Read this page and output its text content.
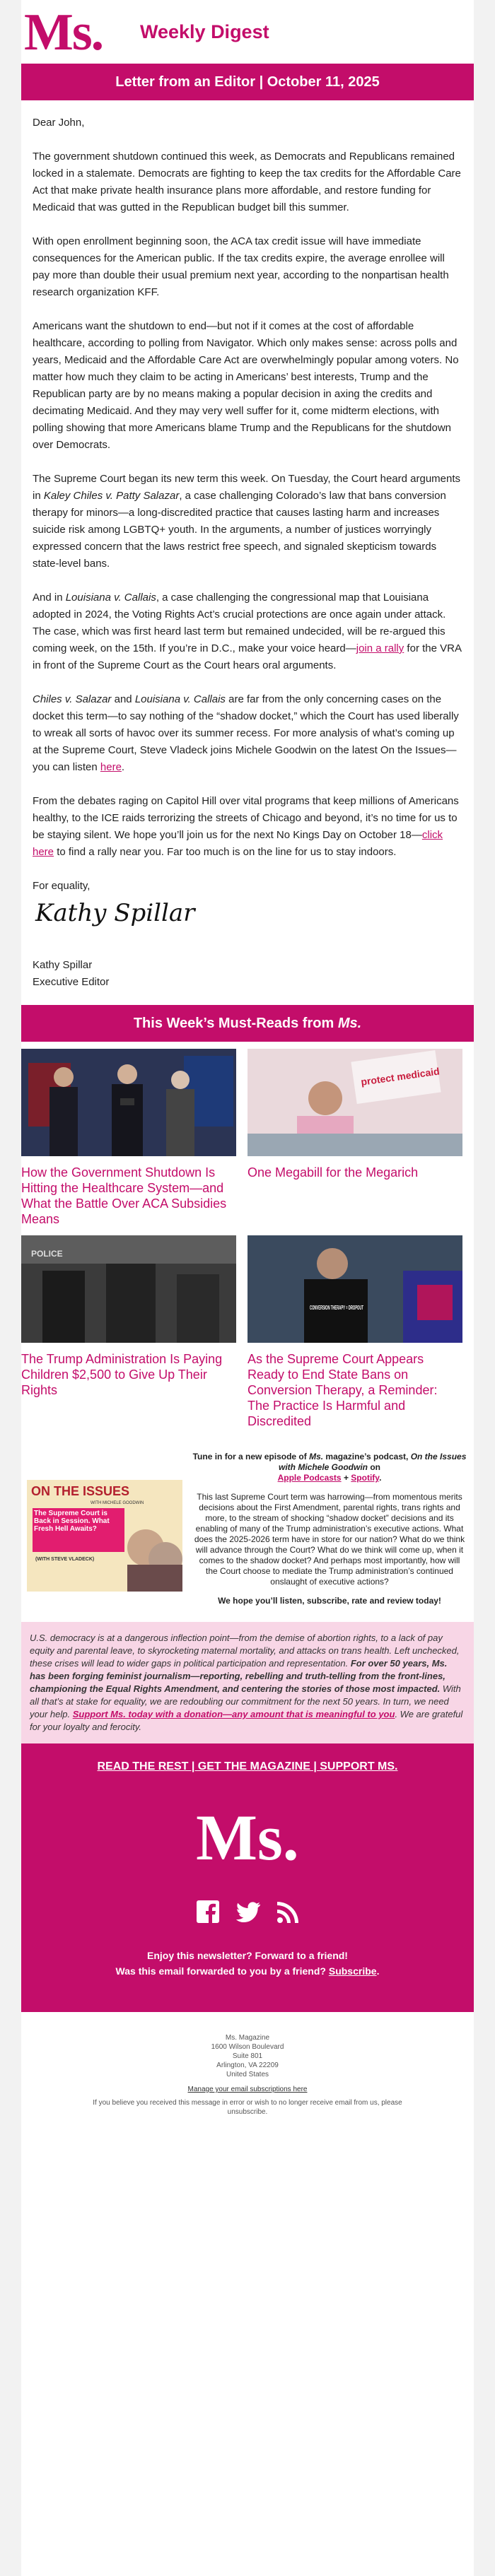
Ms. Weekly Digest
Letter from an Editor | October 11, 2025

Dear John,

The government shutdown continued this week, as Democrats and Republicans remained locked in a stalemate. Democrats are fighting to keep the tax credits for the Affordable Care Act that make private health insurance plans more affordable, and restore funding for Medicaid that was gutted in the Republican budget bill this summer.

With open enrollment beginning soon, the ACA tax credit issue will have immediate consequences for the American public. If the tax credits expire, the average enrollee will pay more than double their usual premium next year, according to the nonpartisan health research organization KFF.

Americans want the shutdown to end—but not if it comes at the cost of affordable healthcare, according to polling from Navigator. Which only makes sense: across polls and years, Medicaid and the Affordable Care Act are overwhelmingly popular among voters. No matter how much they claim to be acting in Americans’ best interests, Trump and the Republican party are by no means making a popular decision in axing the credits and decimating Medicaid. And they may very well suffer for it, come midterm elections, with polling showing that more Americans blame Trump and the Republicans for the shutdown over Democrats.

The Supreme Court began its new term this week. On Tuesday, the Court heard arguments in Kaley Chiles v. Patty Salazar, a case challenging Colorado’s law that bans conversion therapy for minors—a long-discredited practice that causes lasting harm and increases suicide risk among LGBTQ+ youth. In the arguments, a number of justices worryingly expressed concern that the laws restrict free speech, and signaled skepticism towards state-level bans.

And in Louisiana v. Callais, a case challenging the congressional map that Louisiana adopted in 2024, the Voting Rights Act’s crucial protections are once again under attack. The case, which was first heard last term but remained undecided, will be re-argued this coming week, on the 15th. If you’re in D.C., make your voice heard—join a rally for the VRA in front of the Supreme Court as the Court hears oral arguments.

Chiles v. Salazar and Louisiana v. Callais are far from the only concerning cases on the docket this term—to say nothing of the “shadow docket,” which the Court has used liberally to wreak all sorts of havoc over its summer recess. For more analysis of what’s coming up at the Supreme Court, Steve Vladeck joins Michele Goodwin on the latest On the Issues—you can listen here.

From the debates raging on Capitol Hill over vital programs that keep millions of Americans healthy, to the ICE raids terrorizing the streets of Chicago and beyond, it’s no time for us to be staying silent. We hope you’ll join us for the next No Kings Day on October 18—click here to find a rally near you. Far too much is on the line for us to stay indoors.

For equality,

Kathy Spillar
Kathy Spillar
Executive Editor
This Week’s Must-Reads from Ms.
How the Government Shutdown Is Hitting the Healthcare System—and What the Battle Over ACA Subsidies Means
protect medicaid
One Megabill for the Megarich
POLICE
The Trump Administration Is Paying Children $2,500 to Give Up Their Rights
CONVERSION THERAPY = DROPOUT
As the Supreme Court Appears Ready to End State Bans on Conversion Therapy, a Reminder: The Practice Is Harmful and Discredited
ON THE ISSUES
WITH MICHELE GOODWIN
The Supreme Court is Back in Session. What Fresh Hell Awaits?
(WITH STEVE VLADECK)

Tune in for a new episode of Ms. magazine’s podcast, On the Issues with Michele Goodwin on
Apple Podcasts + Spotify.

This last Supreme Court term was harrowing—from momentous merits decisions about the First Amendment, parental rights, trans rights and more, to the stream of shocking “shadow docket” decisions and its enabling of many of the Trump administration’s executive actions. What does the 2025-2026 term have in store for our nation? What do we think will advance through the Court? What do we think will come up, when it comes to the shadow docket? And perhaps most importantly, how will the Court choose to mediate the Trump administration’s continued onslaught of executive actions?

We hope you’ll listen, subscribe, rate and review today!

U.S. democracy is at a dangerous inflection point—from the demise of abortion rights, to a lack of pay equity and parental leave, to skyrocketing maternal mortality, and attacks on trans health. Left unchecked, these crises will lead to wider gaps in political participation and representation. For over 50 years, Ms. has been forging feminist journalism—reporting, rebelling and truth-telling from the front-lines, championing the Equal Rights Amendment, and centering the stories of those most impacted. With all that’s at stake for equality, we are redoubling our commitment for the next 50 years. In turn, we need your help. Support Ms. today with a donation—any amount that is meaningful to you. We are grateful for your loyalty and ferocity.
READ THE REST | GET THE MAGAZINE | SUPPORT MS.
Ms.

Enjoy this newsletter? Forward to a friend!
Was this email forwarded to you by a friend? Subscribe.

Ms. Magazine
1600 Wilson Boulevard
Suite 801
Arlington, VA 22209
United States

Manage your email subscriptions here

If you believe you received this message in error or wish to no longer receive email from us, please unsubscribe.
